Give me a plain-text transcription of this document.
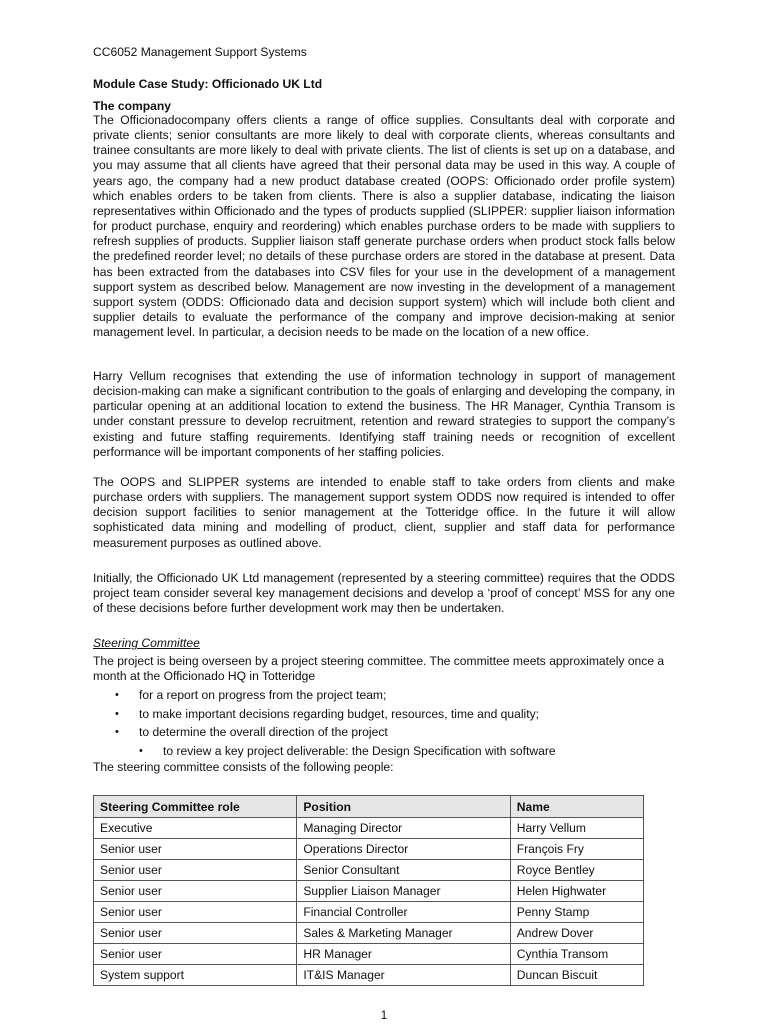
CC6052 Management Support Systems
Module Case Study: Officionado UK Ltd
The company

The Officionadocompany offers clients a range of office supplies. Consultants deal with corporate and private clients; senior consultants are more likely to deal with corporate clients, whereas consultants and trainee consultants are more likely to deal with private clients. The list of clients is set up on a database, and you may assume that all clients have agreed that their personal data may be used in this way. A couple of years ago, the company had a new product database created (OOPS: Officionado order profile system) which enables orders to be taken from clients. There is also a supplier database, indicating the liaison representatives within Officionado and the types of products supplied (SLIPPER: supplier liaison information for product purchase, enquiry and reordering) which enables purchase orders to be made with suppliers to refresh supplies of products. Supplier liaison staff generate purchase orders when product stock falls below the predefined reorder level; no details of these purchase orders are stored in the database at present. Data has been extracted from the databases into CSV files for your use in the development of a management support system as described below. Management are now investing in the development of a management support system (ODDS: Officionado data and decision support system) which will include both client and supplier details to evaluate the performance of the company and improve decision-making at senior management level. In particular, a decision needs to be made on the location of a new office.

Harry Vellum recognises that extending the use of information technology in support of management decision-making can make a significant contribution to the goals of enlarging and developing the company, in particular opening at an additional location to extend the business. The HR Manager, Cynthia Transom is under constant pressure to develop recruitment, retention and reward strategies to support the company’s existing and future staffing requirements. Identifying staff training needs or recognition of excellent performance will be important components of her staffing policies.

The OOPS and SLIPPER systems are intended to enable staff to take orders from clients and make purchase orders with suppliers. The management support system ODDS now required is intended to offer decision support facilities to senior management at the Totteridge office. In the future it will allow sophisticated data mining and modelling of product, client, supplier and staff data for performance measurement purposes as outlined above.

Initially, the Officionado UK Ltd management (represented by a steering committee) requires that the ODDS project team consider several key management decisions and develop a ‘proof of concept’ MSS for any one of these decisions before further development work may then be undertaken.

Steering Committee

The project is being overseen by a project steering committee. The committee meets approximately once a month at the Officionado HQ in Totteridge

• for a report on progress from the project team;
• to make important decisions regarding budget, resources, time and quality;
• to determine the overall direction of the project
• to review a key project deliverable: the Design Specification with software
The steering committee consists of the following people:
Steering Committee role	Position	Name
Executive	Managing Director	Harry Vellum
Senior user	Operations Director	François Fry
Senior user	Senior Consultant	Royce Bentley
Senior user	Supplier Liaison Manager	Helen Highwater
Senior user	Financial Controller	Penny Stamp
Senior user	Sales & Marketing Manager	Andrew Dover
Senior user	HR Manager	Cynthia Transom
System support	IT&IS Manager	Duncan Biscuit
1
